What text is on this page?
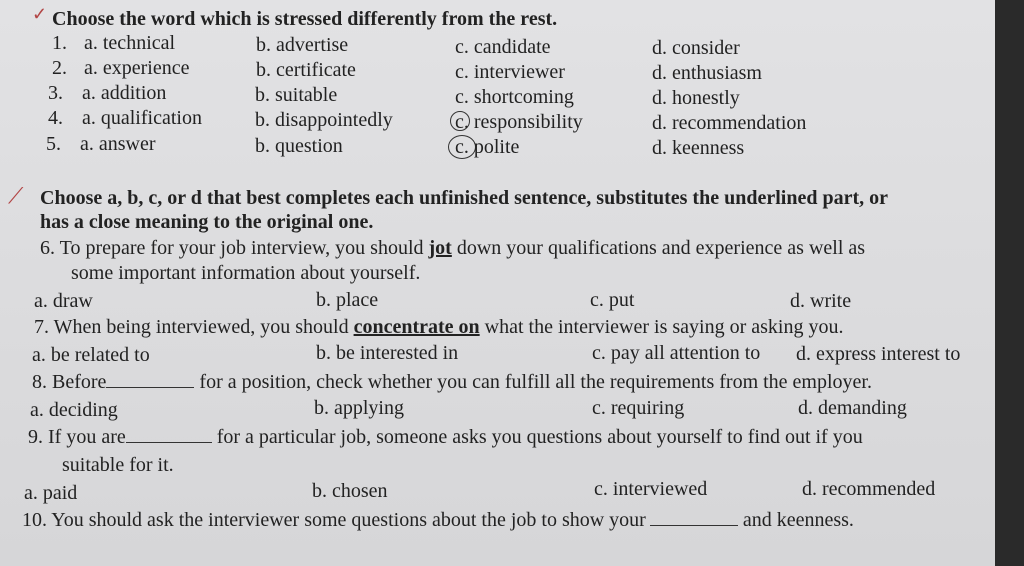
✓ Choose the word which is stressed differently from the rest.
1. a. technical	b. advertise	c. candidate	d. consider
2. a. experience	b. certificate	c. interviewer	d. enthusiasm
3. a. addition	b. suitable	c. shortcoming	d. honestly
4. a. qualification	b. disappointedly	c. responsibility	d. recommendation
5. a. answer	b. question	c. polite	d. keenness
⟋ Choose a, b, c, or d that best completes each unfinished sentence, substitutes the underlined part, or
has a close meaning to the original one.
6. To prepare for your job interview, you should jot down your qualifications and experience as well as
some important information about yourself.
a. draw	b. place	c. put	d. write
7. When being interviewed, you should concentrate on what the interviewer is saying or asking you.
a. be related to	b. be interested in	c. pay all attention to d. express interest to
8. Before	for a position, check whether you can fulfill all the requirements from the employer.
a. deciding	b. applying	c. requiring	d. demanding
9. If you are	for a particular job, someone asks you questions about yourself to find out if you
suitable for it.
a. paid	b. chosen	c. interviewed	d. recommended
10. You should ask the interviewer some questions about the job to show your	and keenness.
